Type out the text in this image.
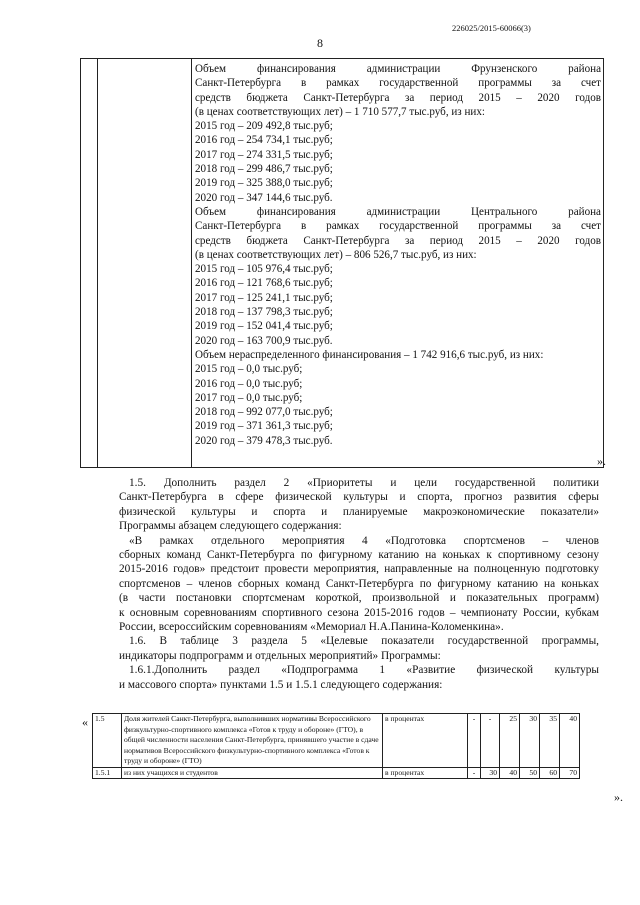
226025/2015-60066(3)
8
Объем финансирования администрации Фрунзенского района
Санкт-Петербурга в рамках государственной программы за счет
средств бюджета Санкт-Петербурга за период 2015 – 2020 годов
(в ценах соответствующих лет) – 1 710 577,7 тыс.руб, из них:
2015 год – 209 492,8 тыс.руб;
2016 год – 254 734,1 тыс.руб;
2017 год – 274 331,5 тыс.руб;
2018 год – 299 486,7 тыс.руб;
2019 год – 325 388,0 тыс.руб;
2020 год – 347 144,6 тыс.руб.
Объем финансирования администрации Центрального района
Санкт-Петербурга в рамках государственной программы за счет
средств бюджета Санкт-Петербурга за период 2015 – 2020 годов
(в ценах соответствующих лет) – 806 526,7 тыс.руб, из них:
2015 год – 105 976,4 тыс.руб;
2016 год – 121 768,6 тыс.руб;
2017 год – 125 241,1 тыс.руб;
2018 год – 137 798,3 тыс.руб;
2019 год – 152 041,4 тыс.руб;
2020 год – 163 700,9 тыс.руб.
Объем нераспределенного финансирования – 1 742 916,6 тыс.руб, из них:
2015 год – 0,0 тыс.руб;
2016 год – 0,0 тыс.руб;
2017 год – 0,0 тыс.руб;
2018 год – 992 077,0 тыс.руб;
2019 год – 371 361,3 тыс.руб;
2020 год – 379 478,3 тыс.руб.
».
1.5. Дополнить раздел 2 «Приоритеты и цели государственной политики
Санкт-Петербурга в сфере физической культуры и спорта, прогноз развития сферы
физической культуры и спорта и планируемые макроэкономические показатели»
Программы абзацем следующего содержания:
«В рамках отдельного мероприятия 4 «Подготовка спортсменов – членов
сборных команд Санкт-Петербурга по фигурному катанию на коньках к спортивному сезону
2015-2016 годов» предстоит провести мероприятия, направленные на полноценную подготовку
спортсменов – членов сборных команд Санкт-Петербурга по фигурному катанию на коньках
(в части постановки спортсменам короткой, произвольной и показательных программ)
к основным соревнованиям спортивного сезона 2015-2016 годов – чемпионату России, кубкам
России, всероссийским соревнованиям «Мемориал Н.А.Панина-Коломенкина».
1.6. В таблице 3 раздела 5 «Целевые показатели государственной программы,
индикаторы подпрограмм и отдельных мероприятий» Программы:
1.6.1.Дополнить раздел «Подпрограмма 1 «Развитие физической культуры
и массового спорта» пунктами 1.5 и 1.5.1 следующего содержания:
« 1.5	Доля жителей Санкт-Петербурга, выполнивших нормативы Всероссийского физкультурно-спортивного комплекса «Готов к труду и обороне» (ГТО), в общей численности населения Санкт-Петербурга, принявшего участие в сдаче нормативов Всероссийского физкультурно-спортивного комплекса «Готов к труду и обороне» (ГТО)	в процентах	-	-	25	30	35	40
1.5.1	из них учащихся и студентов	в процентах	-	30	40	50	60	70
».
